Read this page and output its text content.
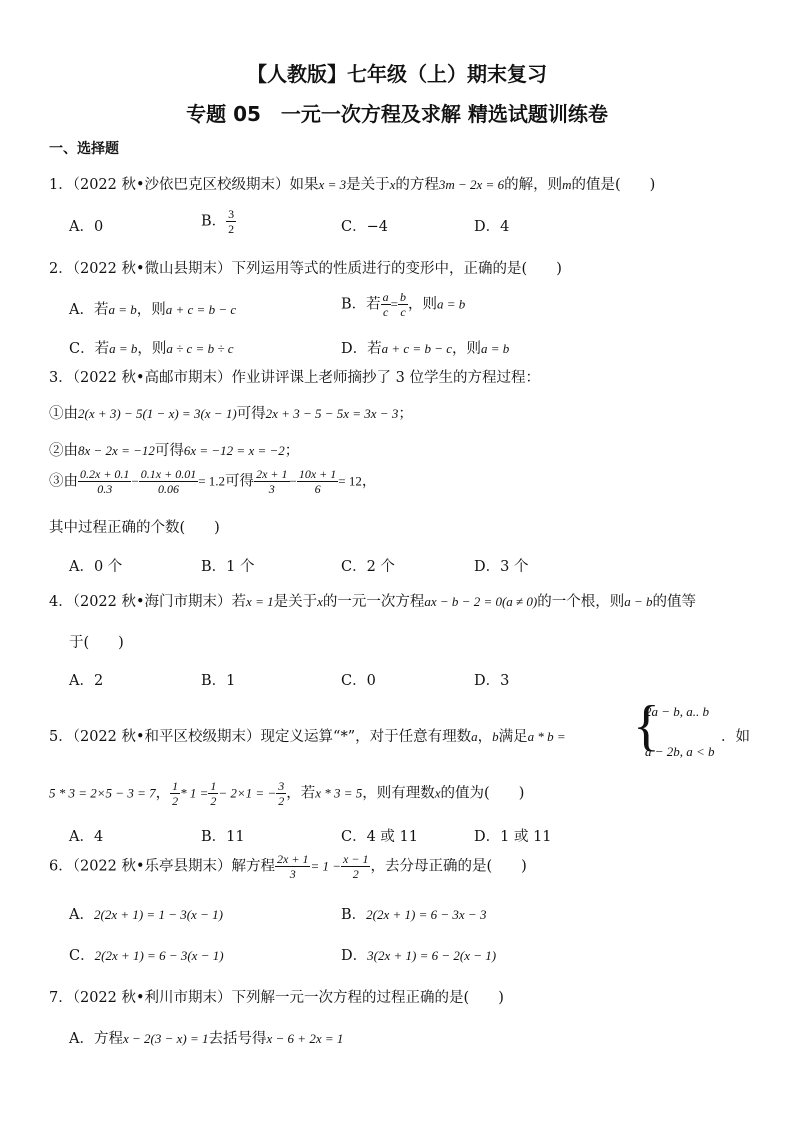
【人教版】七年级（上）期末复习
专题 05　一元一次方程及求解 精选试题训练卷
一、选择题
1．（2022 秋•沙依巴克区校级期末）如果x = 3是关于x的方程3m − 2x = 6的解，则m的值是(　　)
A．0	B． $\frac{3}{2}$	C．−4	D．4
2．（2022 秋•微山县期末）下列运用等式的性质进行的变形中，正确的是(　　)
A．若a = b，则a + c = b − c	B．若 $\frac{a}{c} = \frac{b}{c}$ ，则a = b
C．若a = b，则a ÷ c = b ÷ c	D．若a + c = b − c，则a = b
3．（2022 秋•高邮市期末）作业讲评课上老师摘抄了 3 位学生的方程过程：
①由2(x + 3) − 5(1 − x) = 3(x − 1)可得2x + 3 − 5 − 5x = 3x − 3；
②由8x − 2x = −12可得6x = −12 = x = −2；
③由 $\frac{0.2x + 0.1}{0.3} - \frac{0.1x + 0.01}{0.06} = 1.2$可得 $\frac{2x + 1}{3} - \frac{10x + 1}{6} = 12$，
其中过程正确的个数(　　)
A．0 个	B．1 个	C．2 个	D．3 个
4．（2022 秋•海门市期末）若x = 1是关于x的一元一次方程ax − b − 2 = 0(a ≠ 0)的一个根，则a − b的值等
于(　　)
A．2	B．1	C．0	D．3
5．（2022 秋•和平区校级期末）现定义运算“*”，对于任意有理数a，b满足a * b = {
2a − b, a.. b
a − 2b, a < b
．如
5 * 3 = 2×5 − 3 = 7， $\frac{1}{2} * 1 = \frac{1}{2} - 2\times 1$ = − $\frac{3}{2}$ ，若x * 3 = 5，则有理数x的值为(　　)
A．4	B．11	C．4 或 11	D．1 或 11
6．（2022 秋•乐亭县期末）解方程 $\frac{2x + 1}{3} = 1 - \frac{x - 1}{2}$ ，去分母正确的是(　　)
A．2(2x + 1) = 1 − 3(x − 1)	B．2(2x + 1) = 6 − 3x − 3
C．2(2x + 1) = 6 − 3(x − 1)	D．3(2x + 1) = 6 − 2(x − 1)
7．（2022 秋•利川市期末）下列解一元一次方程的过程正确的是(　　)
A．方程x − 2(3 − x) = 1去括号得x − 6 + 2x = 1
